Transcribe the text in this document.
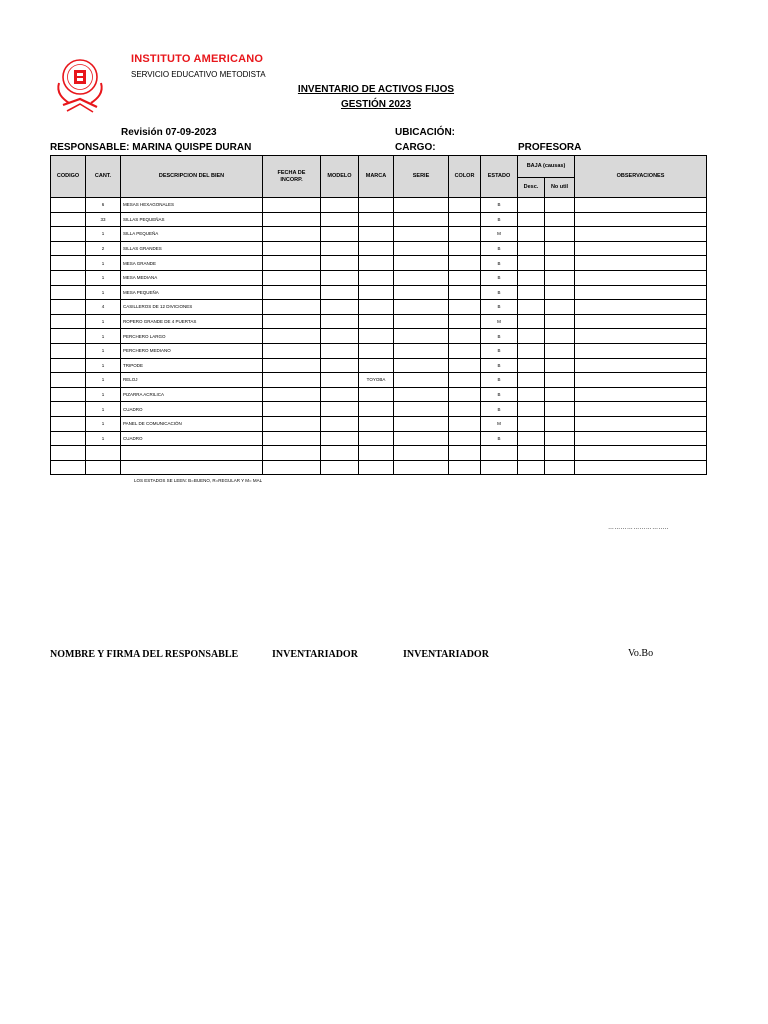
INSTITUTO AMERICANO
SERVICIO EDUCATIVO METODISTA
INVENTARIO DE ACTIVOS FIJOS
GESTIÓN 2023
Revisión 07-09-2023	UBICACIÓN:
RESPONSABLE: MARINA QUISPE DURAN	CARGO:	PROFESORA
CODIGO	CANT.	DESCRIPCION DEL BIEN	FECHA DE INCORP.	MODELO	MARCA	SERIE	COLOR	ESTADO	BAJA (causas)		OBSERVACIONES
									Desc.	No util	
	6	MESAS HEXAGONALES						B			
	33	SILLAS PEQUEÑAS						B			
	1	SILLA PEQUEÑA						M			
	2	SILLAS GRANDES						B			
	1	MESA GRANDE						B			
	1	MESA MEDIANA						B			
	1	MESA PEQUEÑA						B			
	4	CASILLEROS DE 12 DIVICIONES						B			
	1	ROPERO GRANDE DE 4 PUERTAS						M			
	1	PERCHERO LARGO						B			
	1	PERCHERO MEDIANO						B			
	1	TRIPODE						B			
	1	RELOJ			TOYOBA			B			
	1	PIZARRA ACRILICA						B			
	1	CUADRO						B			
	1	PANEL DE COMUNICACIÓN						M			
	1	CUADRO						B			

LOS ESTADOS SE LEEN: B=BUENO, R=REGULAR Y M= MAL
………………………..
NOMBRE Y FIRMA DEL RESPONSABLE	INVENTARIADOR	INVENTARIADOR	Vo.Bo
